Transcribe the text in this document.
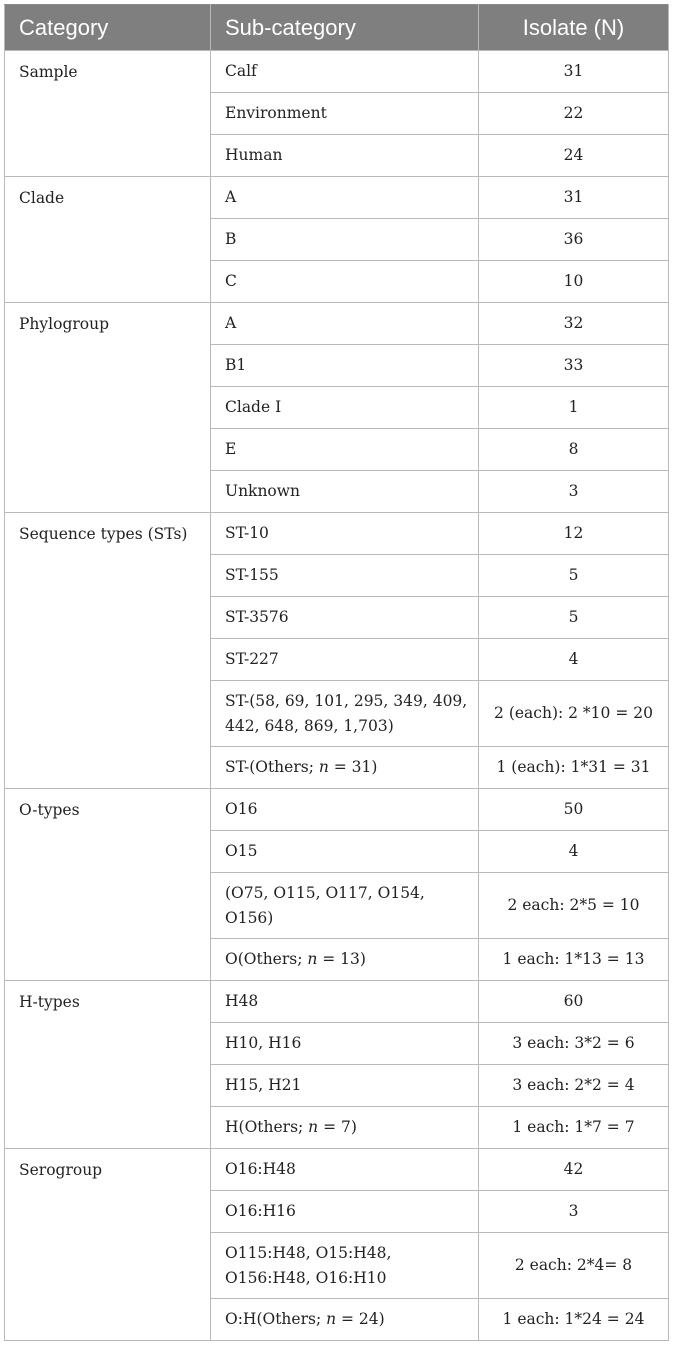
Category	Sub-category	Isolate (N)
Sample	Calf	31
	Environment	22
	Human	24
Clade	A	31
	B	36
	C	10
Phylogroup	A	32
	B1	33
	Clade I	1
	E	8
	Unknown	3
Sequence types (STs)	ST-10	12
	ST-155	5
	ST-3576	5
	ST-227	4
	ST-(58, 69, 101, 295, 349, 409, 442, 648, 869, 1,703)	2 (each): 2 *10 = 20
	ST-(Others; n = 31)	1 (each): 1*31 = 31
O-types	O16	50
	O15	4
	(O75, O115, O117, O154, O156)	2 each: 2*5 = 10
	O(Others; n = 13)	1 each: 1*13 = 13
H-types	H48	60
	H10, H16	3 each: 3*2 = 6
	H15, H21	3 each: 2*2 = 4
	H(Others; n = 7)	1 each: 1*7 = 7
Serogroup	O16:H48	42
	O16:H16	3
	O115:H48, O15:H48, O156:H48, O16:H10	2 each: 2*4= 8
	O:H(Others; n = 24)	1 each: 1*24 = 24
